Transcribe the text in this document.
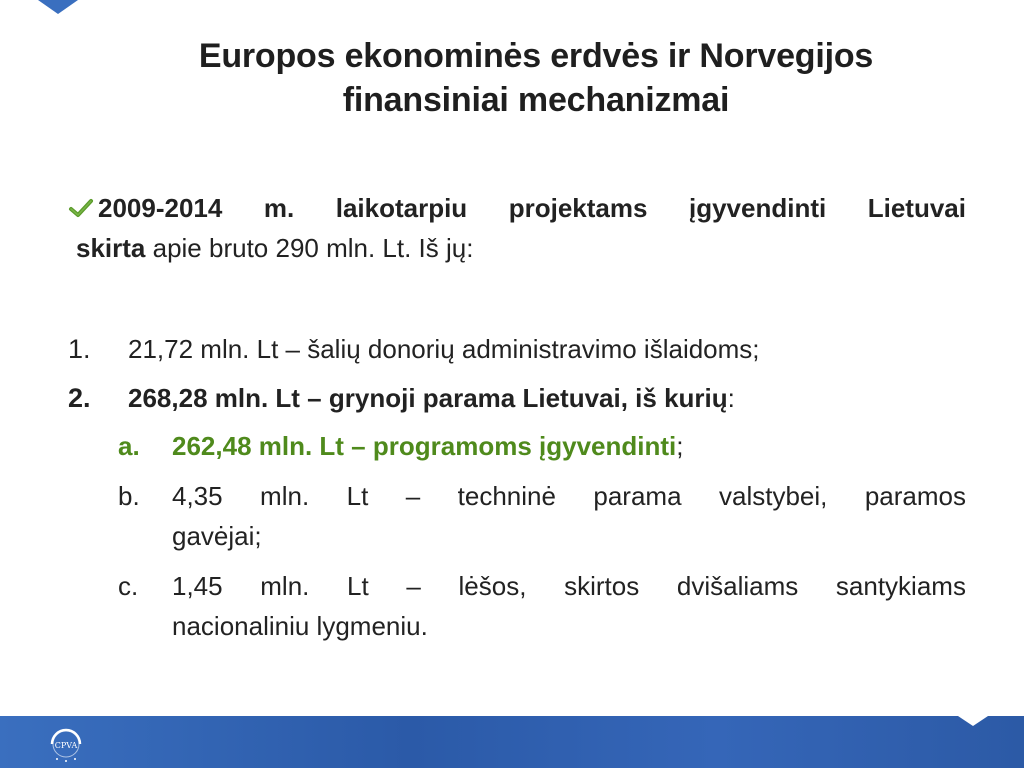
Europos ekonominės erdvės ir Norvegijos
finansiniai mechanizmai
2009-2014 m. laikotarpiu projektams įgyvendinti Lietuvai
skirta apie bruto 290 mln. Lt. Iš jų:
1.	21,72 mln. Lt – šalių donorių administravimo išlaidoms;
2.	268,28 mln. Lt – grynoji parama Lietuvai, iš kurių:
a.	262,48 mln. Lt – programoms įgyvendinti;
b.	4,35 mln. Lt – techninė parama valstybei, paramos
gavėjai;
c.	1,45 mln. Lt – lėšos, skirtos dvišaliams santykiams
nacionaliniu lygmeniu.
CPVA
